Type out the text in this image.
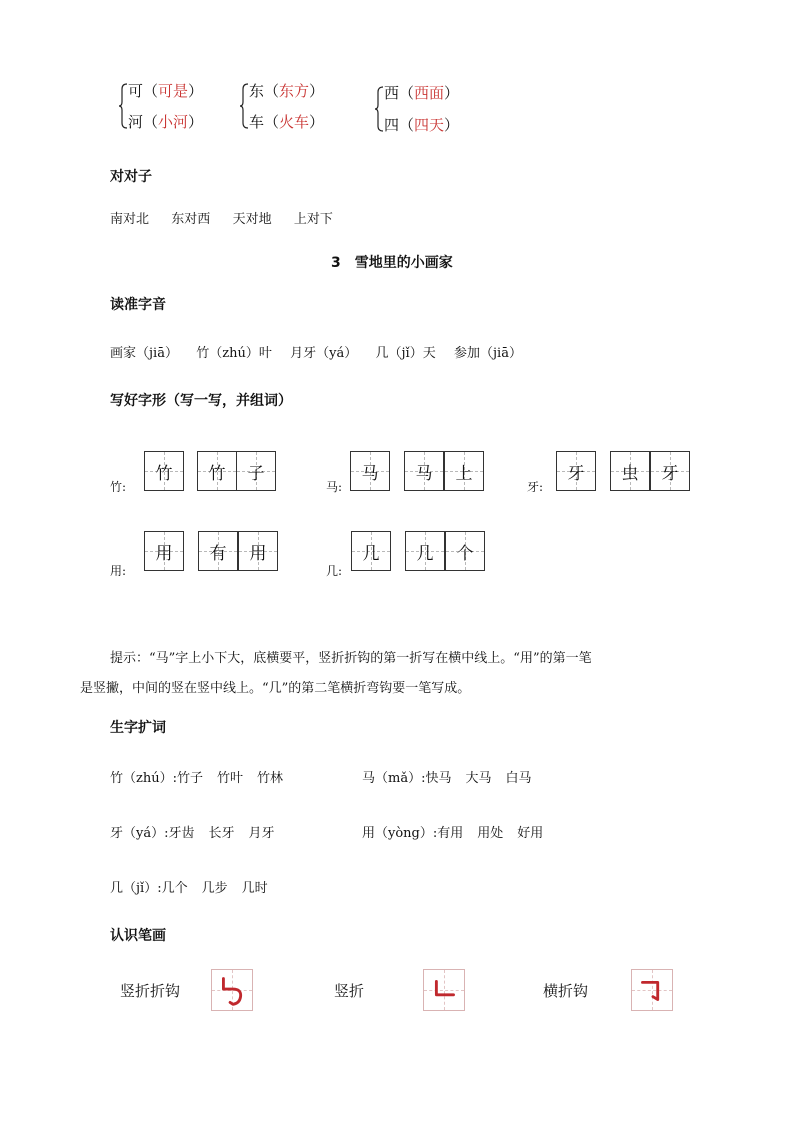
可（可是）
河（小河）
东（东方）
车（火车）
西（西面）
四（四天）
对对子
南对北 东对西 天对地 上对下
3 雪地里的小画家
读准字音
画家（jiā） 竹（zhú）叶 月牙（yá） 几（jǐ）天 参加（jiā）
写好字形（写一写，并组词）
竹:
竹	竹	子
马:
马	马	上
牙:
牙	虫	牙
用:
用	有	用
几:
几	几	个
提示：“马”字上小下大，底横要平，竖折折钩的第一折写在横中线上。“用”的第一笔
是竖撇，中间的竖在竖中线上。“几”的第二笔横折弯钩要一笔写成。
生字扩词
竹（zhú）:竹子 竹叶 竹林	马（mǎ）:快马 大马 白马
牙（yá）:牙齿 长牙 月牙	用（yòng）:有用 用处 好用
几（jǐ）:几个 几步 几时
认识笔画
竖折折钩	竖折	横折钩
